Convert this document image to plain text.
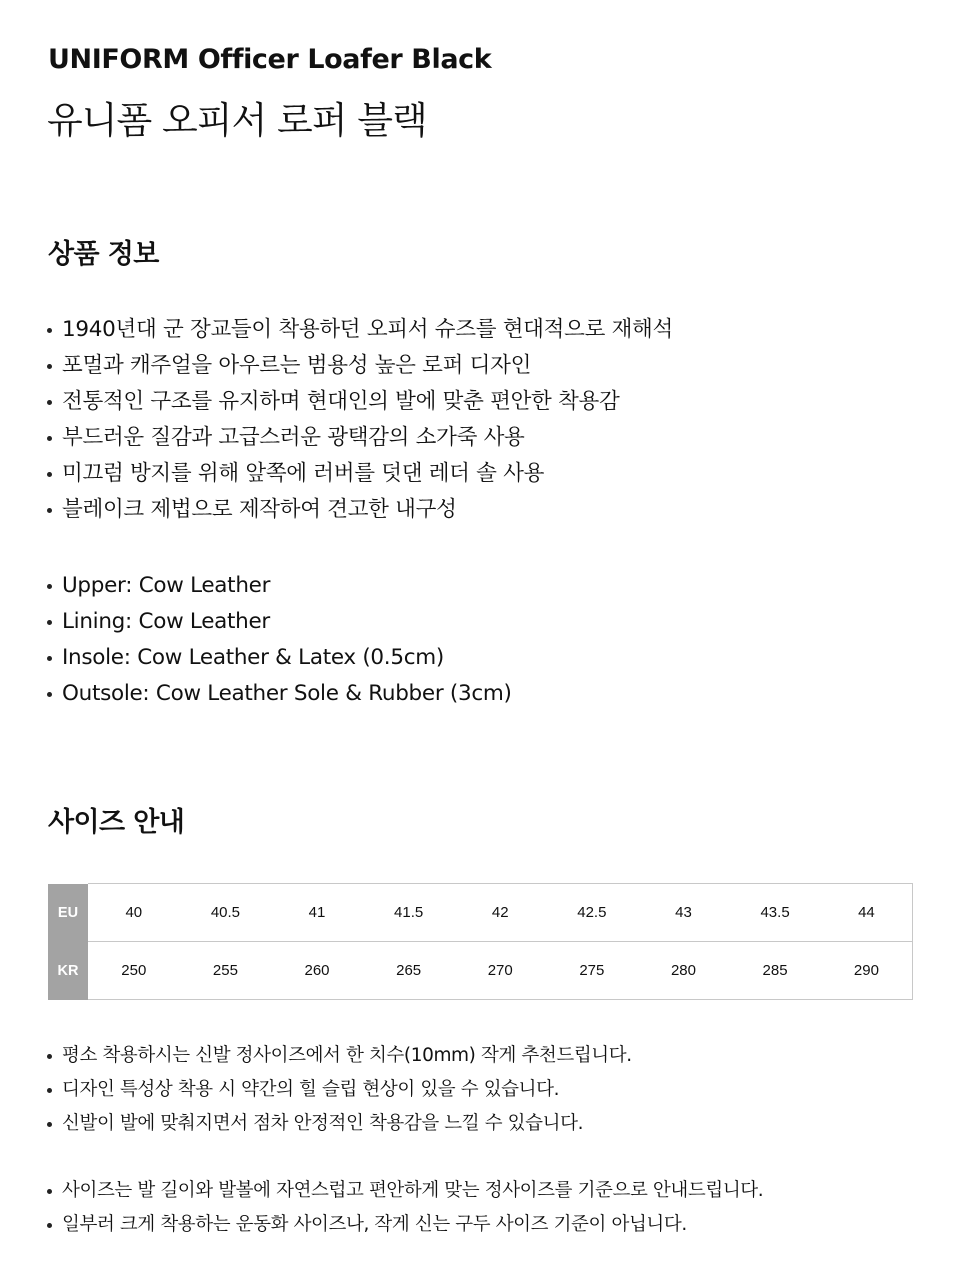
UNIFORM Officer Loafer Black
유니폼 오피서 로퍼 블랙
상품 정보
1940년대 군 장교들이 착용하던 오피서 슈즈를 현대적으로 재해석
포멀과 캐주얼을 아우르는 범용성 높은 로퍼 디자인
전통적인 구조를 유지하며 현대인의 발에 맞춘 편안한 착용감
부드러운 질감과 고급스러운 광택감의 소가죽 사용
미끄럼 방지를 위해 앞쪽에 러버를 덧댄 레더 솔 사용
블레이크 제법으로 제작하여 견고한 내구성
Upper: Cow Leather
Lining: Cow Leather
Insole: Cow Leather & Latex (0.5cm)
Outsole: Cow Leather Sole & Rubber (3cm)
사이즈 안내
EU	40	40.5	41	41.5	42	42.5	43	43.5	44
KR	250	255	260	265	270	275	280	285	290
평소 착용하시는 신발 정사이즈에서 한 치수(10mm) 작게 추천드립니다.
디자인 특성상 착용 시 약간의 힐 슬립 현상이 있을 수 있습니다.
신발이 발에 맞춰지면서 점차 안정적인 착용감을 느낄 수 있습니다.
사이즈는 발 길이와 발볼에 자연스럽고 편안하게 맞는 정사이즈를 기준으로 안내드립니다.
일부러 크게 착용하는 운동화 사이즈나, 작게 신는 구두 사이즈 기준이 아닙니다.
